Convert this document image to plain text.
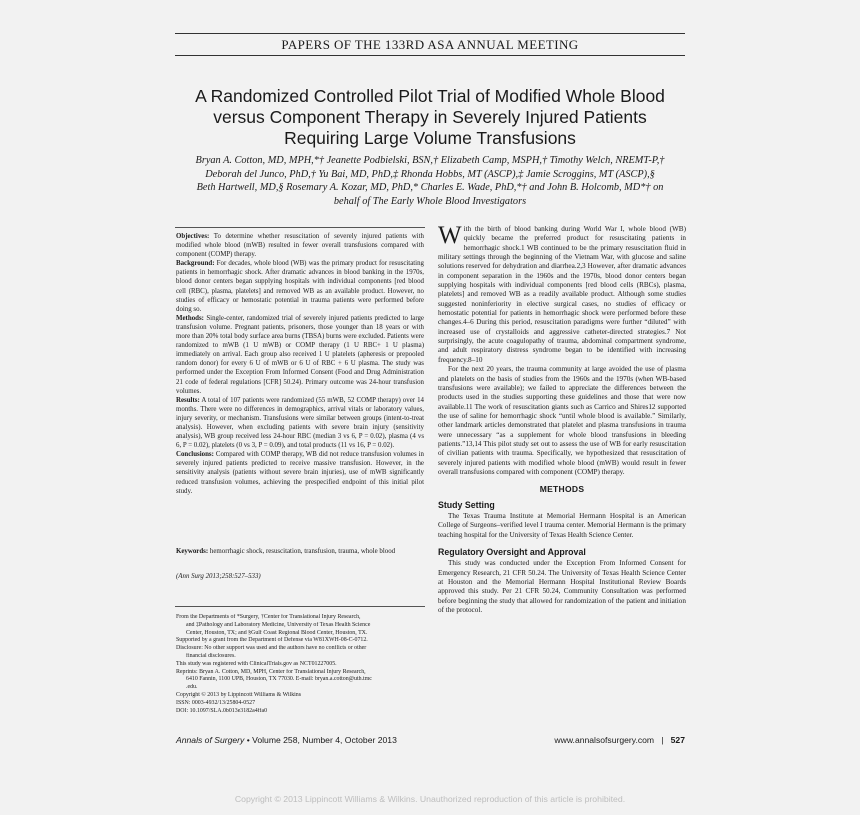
PAPERS OF THE 133RD ASA ANNUAL MEETING
A Randomized Controlled Pilot Trial of Modified Whole Blood
versus Component Therapy in Severely Injured Patients
Requiring Large Volume Transfusions
Bryan A. Cotton, MD, MPH,*† Jeanette Podbielski, BSN,† Elizabeth Camp, MSPH,† Timothy Welch, NREMT-P,†
Deborah del Junco, PhD,† Yu Bai, MD, PhD,‡ Rhonda Hobbs, MT (ASCP),‡ Jamie Scroggins, MT (ASCP),§
Beth Hartwell, MD,§ Rosemary A. Kozar, MD, PhD,* Charles E. Wade, PhD,*† and John B. Holcomb, MD*† on
behalf of The Early Whole Blood Investigators

Objectives: To determine whether resuscitation of severely injured patients with modified whole blood (mWB) resulted in fewer overall transfusions compared with component (COMP) therapy.

Background: For decades, whole blood (WB) was the primary product for resuscitating patients in hemorrhagic shock. After dramatic advances in blood banking in the 1970s, blood donor centers began supplying hospitals with individual components [red blood cell (RBC), plasma, platelets] and removed WB as an available product. However, no studies of efficacy or hemostatic potential in trauma patients were performed before doing so.

Methods: Single-center, randomized trial of severely injured patients predicted to large transfusion volume. Pregnant patients, prisoners, those younger than 18 years or with more than 20% total body surface area burns (TBSA) burns were excluded. Patients were randomized to mWB (1 U mWB) or COMP therapy (1 U RBC+ 1 U plasma) immediately on arrival. Each group also received 1 U platelets (apheresis or prepooled random donor) for every 6 U of mWB or 6 U of RBC + 6 U plasma. The study was performed under the Exception From Informed Consent (Food and Drug Administration 21 code of federal regulations [CFR] 50.24). Primary outcome was 24-hour transfusion volumes.

Results: A total of 107 patients were randomized (55 mWB, 52 COMP therapy) over 14 months. There were no differences in demographics, arrival vitals or laboratory values, injury severity, or mechanism. Transfusions were similar between groups (intent-to-treat analysis). However, when excluding patients with severe brain injury (sensitivity analysis), WB group received less 24-hour RBC (median 3 vs 6, P = 0.02), plasma (4 vs 6, P = 0.02), platelets (0 vs 3, P = 0.09), and total products (11 vs 16, P = 0.02).

Conclusions: Compared with COMP therapy, WB did not reduce transfusion volumes in severely injured patients predicted to receive massive transfusion. However, in the sensitivity analysis (patients without severe brain injuries), use of mWB significantly reduced transfusion volumes, achieving the prespecified endpoint of this initial pilot study.

Keywords: hemorrhagic shock, resuscitation, transfusion, trauma, whole blood
(Ann Surg 2013;258:527–533)
From the Departments of *Surgery, †Center for Translational Injury Research,
and ‡Pathology and Laboratory Medicine, University of Texas Health Science
Center, Houston, TX; and §Gulf Coast Regional Blood Center, Houston, TX.
Supported by a grant from the Department of Defense via W81XWH-08-C-0712.
Disclosure: No other support was used and the authors have no conflicts or other
financial disclosures.
This study was registered with ClinicalTrials.gov as NCT01227005.
Reprints: Bryan A. Cotton, MD, MPH, Center for Translational Injury Research,
6410 Fannin, 1100 UPB, Houston, TX 77030. E-mail: bryan.a.cotton@uth.tmc
.edu.
Copyright © 2013 by Lippincott Williams & Wilkins
ISSN: 0003-4932/13/25804-0527
DOI: 10.1097/SLA.0b013e3182a4ffa0

With the birth of blood banking during World War I, whole blood (WB) quickly became the preferred product for resuscitating patients in hemorrhagic shock.1 WB continued to be the primary resuscitation fluid in military settings through the beginning of the Vietnam War, with glucose and saline solutions reserved for dehydration and diarrhea.2,3 However, after dramatic advances in component separation in the 1960s and the 1970s, blood donor centers began supplying hospitals with individual components [red blood cells (RBCs), plasma, platelets] and removed WB as a readily available product. Although some studies suggested noninferiority in elective surgical cases, no studies of efficacy or hemostatic potential for patients in hemorrhagic shock were performed before these changes.4–6 During this period, resuscitation paradigms were further “diluted” with increased use of crystalloids and aggressive catheter-directed strategies.7 Not surprisingly, the acute coagulopathy of trauma, abdominal compartment syndrome, and adult respiratory distress syndrome began to be identified with increasing frequency.8–10

For the next 20 years, the trauma community at large avoided the use of plasma and platelets on the basis of studies from the 1960s and the 1970s (when WB-based transfusions were available); we failed to appreciate the differences between the products used in the studies supporting these guidelines and those that were now available.11 The work of resuscitation giants such as Carrico and Shires12 supported the use of saline for hemorrhagic shock “until whole blood is available.” Similarly, other landmark articles demonstrated that platelet and plasma transfusions in trauma were unnecessary “as a supplement for whole blood transfusions in bleeding patients.”13,14 This pilot study set out to assess the use of WB for early resuscitation of civilian patients with trauma. Specifically, we hypothesized that resuscitation of severely injured patients with modified whole blood (mWB) would result in fewer overall transfusions compared with component (COMP) therapy.

METHODS
Study Setting

The Texas Trauma Institute at Memorial Hermann Hospital is an American College of Surgeons–verified level I trauma center. Memorial Hermann is the primary teaching hospital for the University of Texas Health Science Center.

Regulatory Oversight and Approval

This study was conducted under the Exception From Informed Consent for Emergency Research, 21 CFR 50.24. The University of Texas Health Science Center at Houston and the Memorial Hermann Hospital Institutional Review Boards approved this study. Per 21 CFR 50.24, Community Consultation was performed before beginning the study that allowed for randomization of the patient and initiation of the protocol.

Annals of Surgery • Volume 258, Number 4, October 2013	www.annalsofsurgery.com | 527
Copyright © 2013 Lippincott Williams & Wilkins. Unauthorized reproduction of this article is prohibited.
